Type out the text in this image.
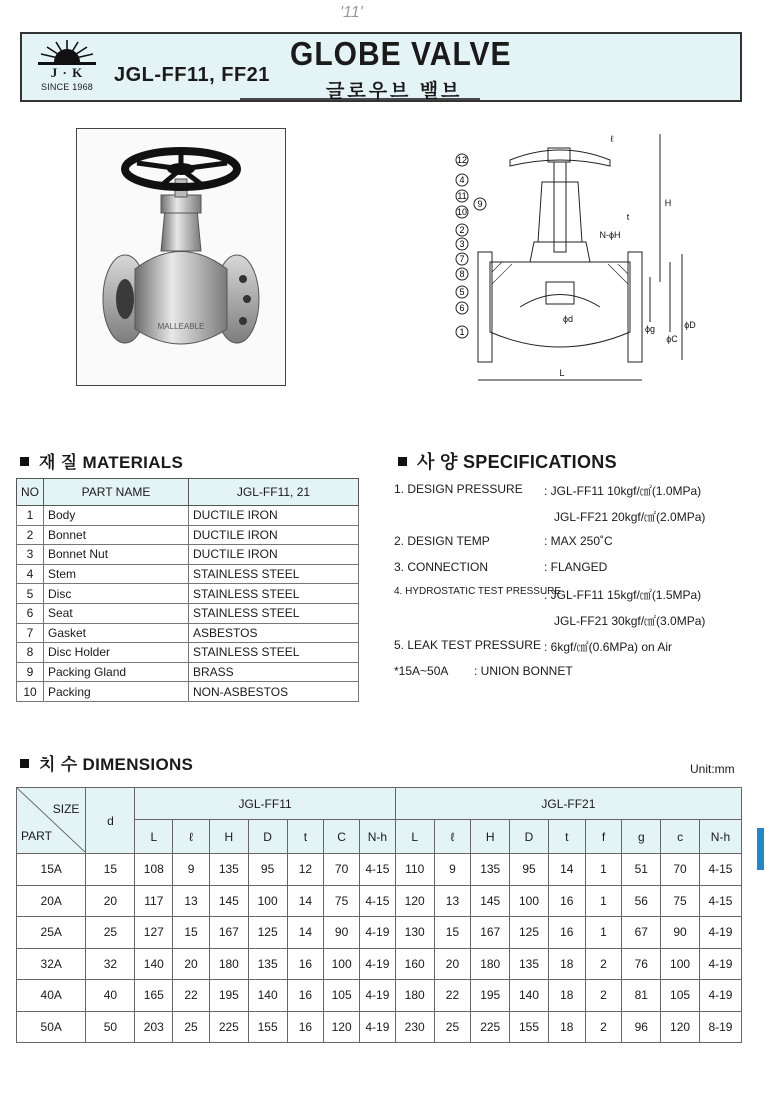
'11'
J · K
SINCE 1968
JGL-FF11, FF21
GLOBE VALVE
글로우브 밸브
MALLEABLE
12
4
11
10
2
3
7
8
5
6
1
9
N-ϕH
t
ℓ
H
ϕg
ϕC
ϕD
ϕd
L
재 질 MATERIALS
NO	PART NAME	JGL-FF11, 21
1	Body	DUCTILE IRON
2	Bonnet	DUCTILE IRON
3	Bonnet Nut	DUCTILE IRON
4	Stem	STAINLESS STEEL
5	Disc	STAINLESS STEEL
6	Seat	STAINLESS STEEL
7	Gasket	ASBESTOS
8	Disc Holder	STAINLESS STEEL
9	Packing Gland	BRASS
10	Packing	NON-ASBESTOS
사 양 SPECIFICATIONS
1. DESIGN PRESSURE : JGL-FF11 10kgf/㎠(1.0MPa)
JGL-FF21 20kgf/㎠(2.0MPa)
2. DESIGN TEMP	: MAX 250˚C
3. CONNECTION	: FLANGED
4. HYDROSTATIC TEST PRESSURE
: JGL-FF11 15kgf/㎠(1.5MPa)
JGL-FF21 30kgf/㎠(3.0MPa)
5. LEAK TEST PRESSURE : 6kgf/㎠(0.6MPa) on Air
*15A~50A : UNION BONNET
치 수 DIMENSIONS	Unit:mm
SIZE
PART	d	JGL-FF11							JGL-FF21								
		L	ℓ	H	D	t	C	N-h	L	ℓ	H	D	t	f	g	c	N-h
15A	15	108	9	135	95	12	70	4-15	110	9	135	95	14	1	51	70	4-15
20A	20	117	13	145	100	14	75	4-15	120	13	145	100	16	1	56	75	4-15
25A	25	127	15	167	125	14	90	4-19	130	15	167	125	16	1	67	90	4-19
32A	32	140	20	180	135	16	100	4-19	160	20	180	135	18	2	76	100	4-19
40A	40	165	22	195	140	16	105	4-19	180	22	195	140	18	2	81	105	4-19
50A	50	203	25	225	155	16	120	4-19	230	25	225	155	18	2	96	120	8-19
